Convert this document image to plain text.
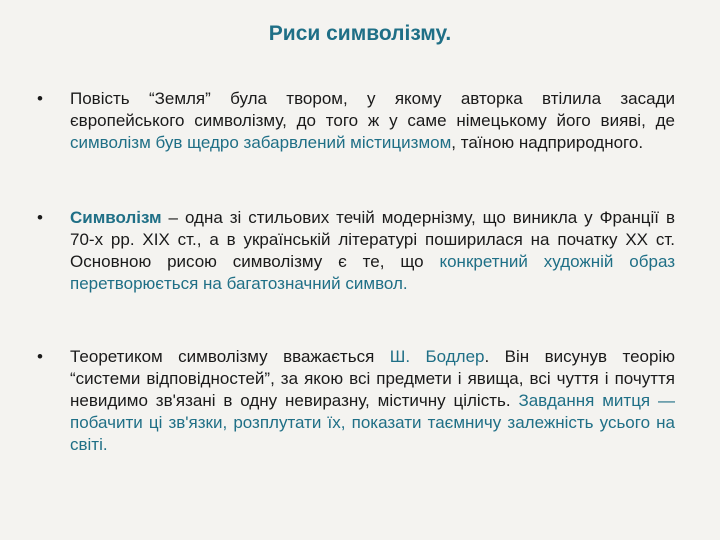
Риси символізму.
• Повість “Земля” була твором, у якому авторка втілила засади європейського символізму, до того ж у саме німецькому його вияві, де символізм був щедро забарвлений містицизмом, таїною надприродного.
• Символізм – одна зі стильових течій модернізму, що виникла у Франції в 70-х рр. XIX ст., а в українській літературі поширилася на початку XX ст. Основною рисою символізму є те, що конкретний художній образ перетворюється на багатозначний символ.
• Теоретиком символізму вважається Ш. Бодлер. Він висунув теорію “системи відповідностей”, за якою всі предмети і явища, всі чуття і почуття невидимо зв'язані в одну невиразну, містичну цілість. Завдання митця — побачити ці зв'язки, розплутати їх, показати таємничу залежність усього на світі.
